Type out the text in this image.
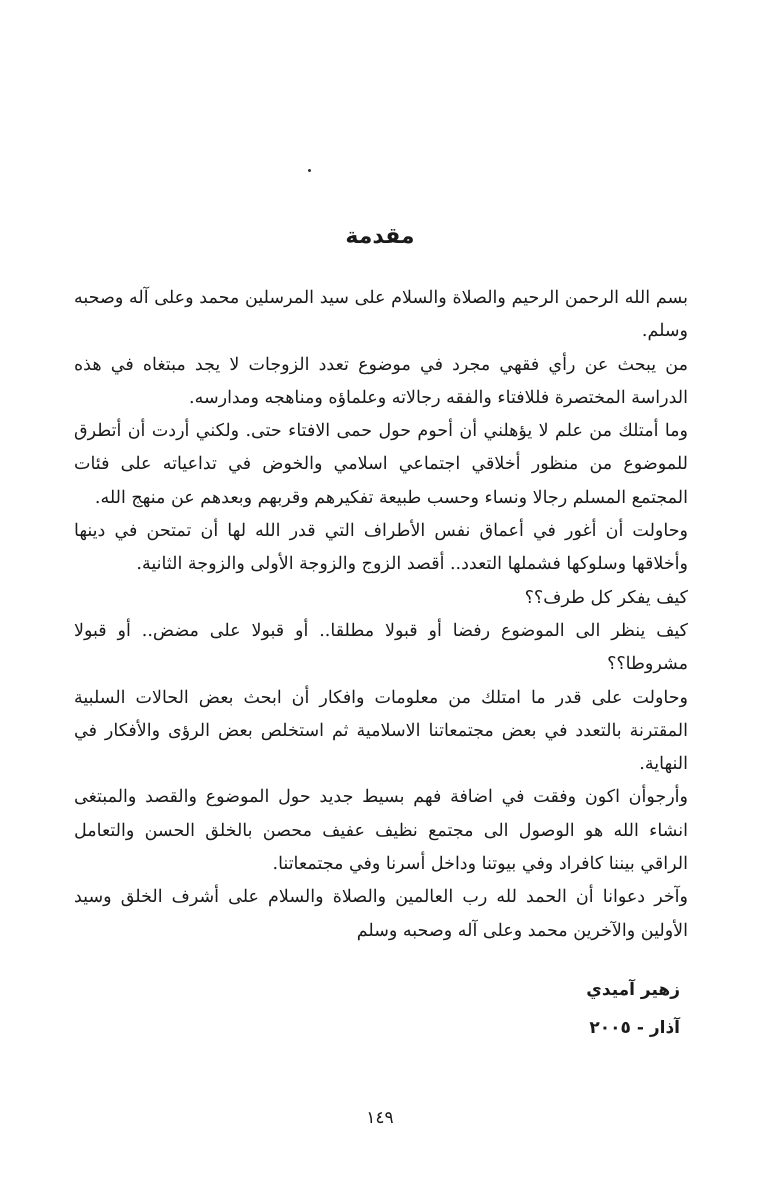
مقدمة

بسم الله الرحمن الرحيم والصلاة والسلام على سيد المرسلين محمد وعلى آله وصحبه وسلم.

من يبحث عن رأي فقهي مجرد في موضوع تعدد الزوجات لا يجد مبتغاه في هذه الدراسة المختصرة فللافتاء والفقه رجالاته وعلماؤه ومناهجه ومدارسه.

وما أمتلك من علم لا يؤهلني أن أحوم حول حمى الافتاء حتى. ولكني أردت أن أتطرق للموضوع من منظور أخلاقي اجتماعي اسلامي والخوض في تداعياته على فئات المجتمع المسلم رجالا ونساء وحسب طبيعة تفكيرهم وقربهم وبعدهم عن منهج الله.

وحاولت أن أغور في أعماق نفس الأطراف التي قدر الله لها أن تمتحن في دينها وأخلاقها وسلوكها فشملها التعدد.. أقصد الزوج والزوجة الأولى والزوجة الثانية.

كيف يفكر كل طرف؟؟

كيف ينظر الى الموضوع رفضا أو قبولا مطلقا.. أو قبولا على مضض.. أو قبولا مشروطا؟؟

وحاولت على قدر ما امتلك من معلومات وافكار أن ابحث بعض الحالات السلبية المقترنة بالتعدد في بعض مجتمعاتنا الاسلامية ثم استخلص بعض الرؤى والأفكار في النهاية.

وأرجوأن اكون وفقت في اضافة فهم بسيط جديد حول الموضوع والقصد والمبتغى انشاء الله هو الوصول الى مجتمع نظيف عفيف محصن بالخلق الحسن والتعامل الراقي بيننا كافراد وفي بيوتنا وداخل أسرنا وفي مجتمعاتنا.

وآخر دعوانا أن الحمد لله رب العالمين والصلاة والسلام على أشرف الخلق وسيد الأولين والآخرين محمد وعلى آله وصحبه وسلم

زهير آميدي
آذار - ٢٠٠٥
١٤٩
